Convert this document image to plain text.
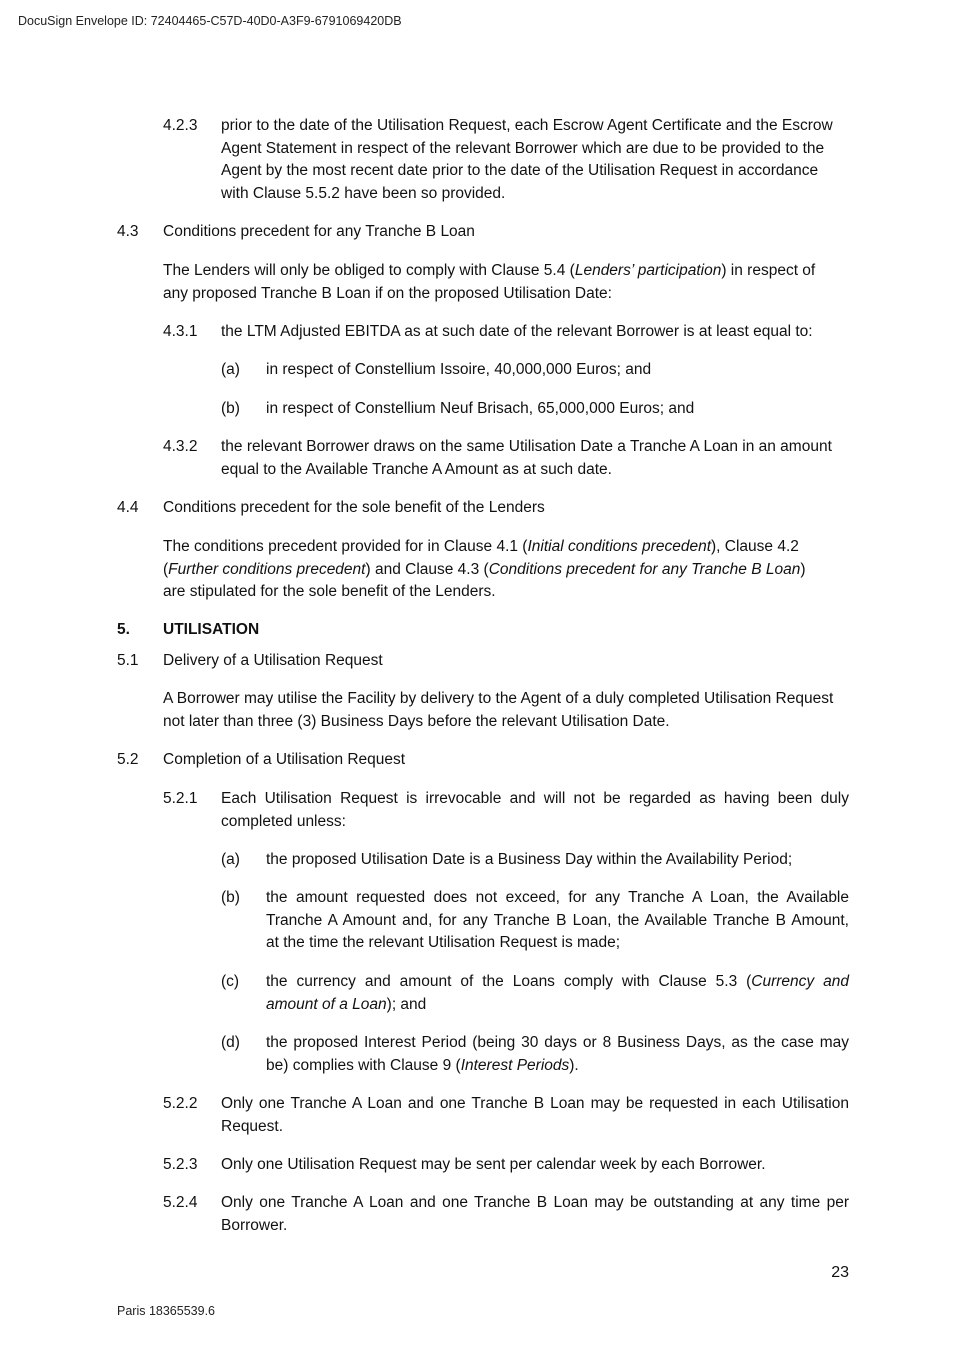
DocuSign Envelope ID: 72404465-C57D-40D0-A3F9-6791069420DB
4.2.3 prior to the date of the Utilisation Request, each Escrow Agent Certificate and the Escrow
Agent Statement in respect of the relevant Borrower which are due to be provided to the
Agent by the most recent date prior to the date of the Utilisation Request in accordance
with Clause 5.5.2 have been so provided.
4.3 Conditions precedent for any Tranche B Loan
The Lenders will only be obliged to comply with Clause 5.4 (Lenders’ participation) in respect of
any proposed Tranche B Loan if on the proposed Utilisation Date:
4.3.1 the LTM Adjusted EBITDA as at such date of the relevant Borrower is at least equal to:
(a) in respect of Constellium Issoire, 40,000,000 Euros; and
(b) in respect of Constellium Neuf Brisach, 65,000,000 Euros; and
4.3.2 the relevant Borrower draws on the same Utilisation Date a Tranche A Loan in an amount
equal to the Available Tranche A Amount as at such date.
4.4 Conditions precedent for the sole benefit of the Lenders
The conditions precedent provided for in Clause 4.1 (Initial conditions precedent), Clause 4.2
(Further conditions precedent) and Clause 4.3 (Conditions precedent for any Tranche B Loan)
are stipulated for the sole benefit of the Lenders.
5. UTILISATION
5.1 Delivery of a Utilisation Request
A Borrower may utilise the Facility by delivery to the Agent of a duly completed Utilisation Request
not later than three (3) Business Days before the relevant Utilisation Date.
5.2 Completion of a Utilisation Request
5.2.1 Each Utilisation Request is irrevocable and will not be regarded as having been duly
completed unless:
(a) the proposed Utilisation Date is a Business Day within the Availability Period;
(b) the amount requested does not exceed, for any Tranche A Loan, the Available
Tranche A Amount and, for any Tranche B Loan, the Available Tranche B Amount,
at the time the relevant Utilisation Request is made;
(c) the currency and amount of the Loans comply with Clause 5.3 (Currency and
amount of a Loan); and
(d) the proposed Interest Period (being 30 days or 8 Business Days, as the case may
be) complies with Clause 9 (Interest Periods).
5.2.2 Only one Tranche A Loan and one Tranche B Loan may be requested in each Utilisation
Request.
5.2.3 Only one Utilisation Request may be sent per calendar week by each Borrower.
5.2.4 Only one Tranche A Loan and one Tranche B Loan may be outstanding at any time per
Borrower.
23
Paris 18365539.6
